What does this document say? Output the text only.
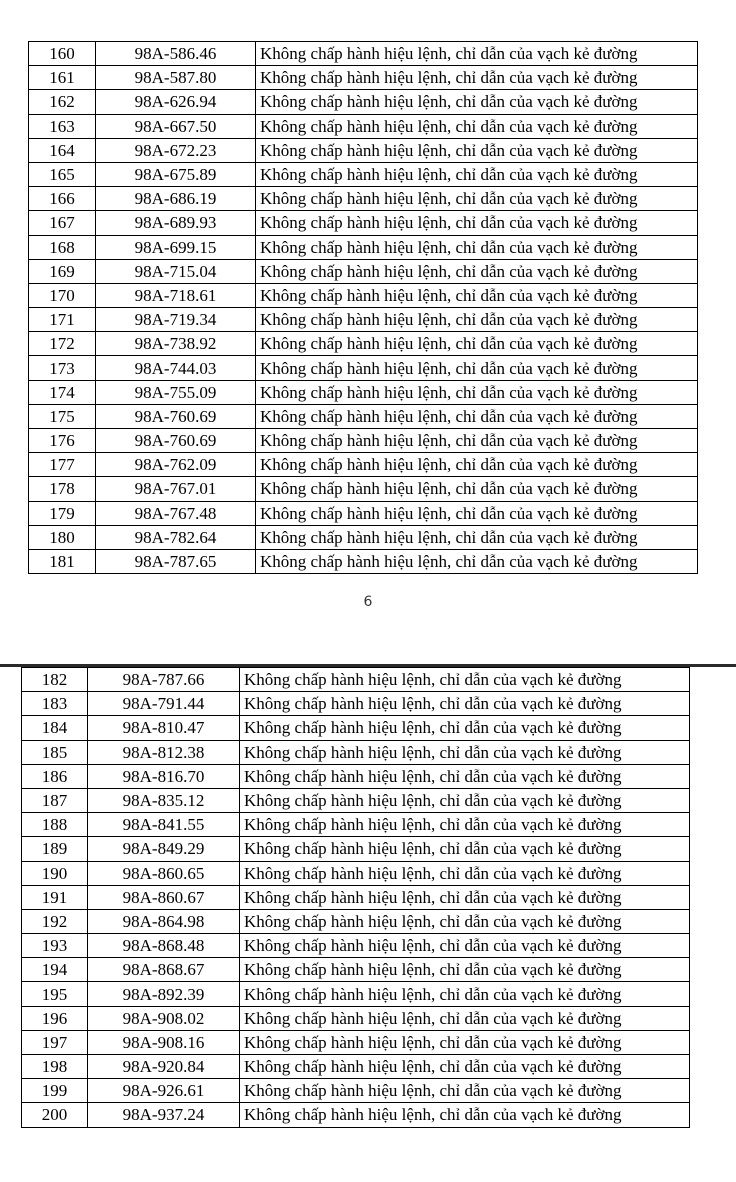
160	98A-586.46	Không chấp hành hiệu lệnh, chỉ dẫn của vạch kẻ đường
161	98A-587.80	Không chấp hành hiệu lệnh, chỉ dẫn của vạch kẻ đường
162	98A-626.94	Không chấp hành hiệu lệnh, chỉ dẫn của vạch kẻ đường
163	98A-667.50	Không chấp hành hiệu lệnh, chỉ dẫn của vạch kẻ đường
164	98A-672.23	Không chấp hành hiệu lệnh, chỉ dẫn của vạch kẻ đường
165	98A-675.89	Không chấp hành hiệu lệnh, chỉ dẫn của vạch kẻ đường
166	98A-686.19	Không chấp hành hiệu lệnh, chỉ dẫn của vạch kẻ đường
167	98A-689.93	Không chấp hành hiệu lệnh, chỉ dẫn của vạch kẻ đường
168	98A-699.15	Không chấp hành hiệu lệnh, chỉ dẫn của vạch kẻ đường
169	98A-715.04	Không chấp hành hiệu lệnh, chỉ dẫn của vạch kẻ đường
170	98A-718.61	Không chấp hành hiệu lệnh, chỉ dẫn của vạch kẻ đường
171	98A-719.34	Không chấp hành hiệu lệnh, chỉ dẫn của vạch kẻ đường
172	98A-738.92	Không chấp hành hiệu lệnh, chỉ dẫn của vạch kẻ đường
173	98A-744.03	Không chấp hành hiệu lệnh, chỉ dẫn của vạch kẻ đường
174	98A-755.09	Không chấp hành hiệu lệnh, chỉ dẫn của vạch kẻ đường
175	98A-760.69	Không chấp hành hiệu lệnh, chỉ dẫn của vạch kẻ đường
176	98A-760.69	Không chấp hành hiệu lệnh, chỉ dẫn của vạch kẻ đường
177	98A-762.09	Không chấp hành hiệu lệnh, chỉ dẫn của vạch kẻ đường
178	98A-767.01	Không chấp hành hiệu lệnh, chỉ dẫn của vạch kẻ đường
179	98A-767.48	Không chấp hành hiệu lệnh, chỉ dẫn của vạch kẻ đường
180	98A-782.64	Không chấp hành hiệu lệnh, chỉ dẫn của vạch kẻ đường
181	98A-787.65	Không chấp hành hiệu lệnh, chỉ dẫn của vạch kẻ đường
6
182	98A-787.66	Không chấp hành hiệu lệnh, chỉ dẫn của vạch kẻ đường
183	98A-791.44	Không chấp hành hiệu lệnh, chỉ dẫn của vạch kẻ đường
184	98A-810.47	Không chấp hành hiệu lệnh, chỉ dẫn của vạch kẻ đường
185	98A-812.38	Không chấp hành hiệu lệnh, chỉ dẫn của vạch kẻ đường
186	98A-816.70	Không chấp hành hiệu lệnh, chỉ dẫn của vạch kẻ đường
187	98A-835.12	Không chấp hành hiệu lệnh, chỉ dẫn của vạch kẻ đường
188	98A-841.55	Không chấp hành hiệu lệnh, chỉ dẫn của vạch kẻ đường
189	98A-849.29	Không chấp hành hiệu lệnh, chỉ dẫn của vạch kẻ đường
190	98A-860.65	Không chấp hành hiệu lệnh, chỉ dẫn của vạch kẻ đường
191	98A-860.67	Không chấp hành hiệu lệnh, chỉ dẫn của vạch kẻ đường
192	98A-864.98	Không chấp hành hiệu lệnh, chỉ dẫn của vạch kẻ đường
193	98A-868.48	Không chấp hành hiệu lệnh, chỉ dẫn của vạch kẻ đường
194	98A-868.67	Không chấp hành hiệu lệnh, chỉ dẫn của vạch kẻ đường
195	98A-892.39	Không chấp hành hiệu lệnh, chỉ dẫn của vạch kẻ đường
196	98A-908.02	Không chấp hành hiệu lệnh, chỉ dẫn của vạch kẻ đường
197	98A-908.16	Không chấp hành hiệu lệnh, chỉ dẫn của vạch kẻ đường
198	98A-920.84	Không chấp hành hiệu lệnh, chỉ dẫn của vạch kẻ đường
199	98A-926.61	Không chấp hành hiệu lệnh, chỉ dẫn của vạch kẻ đường
200	98A-937.24	Không chấp hành hiệu lệnh, chỉ dẫn của vạch kẻ đường
